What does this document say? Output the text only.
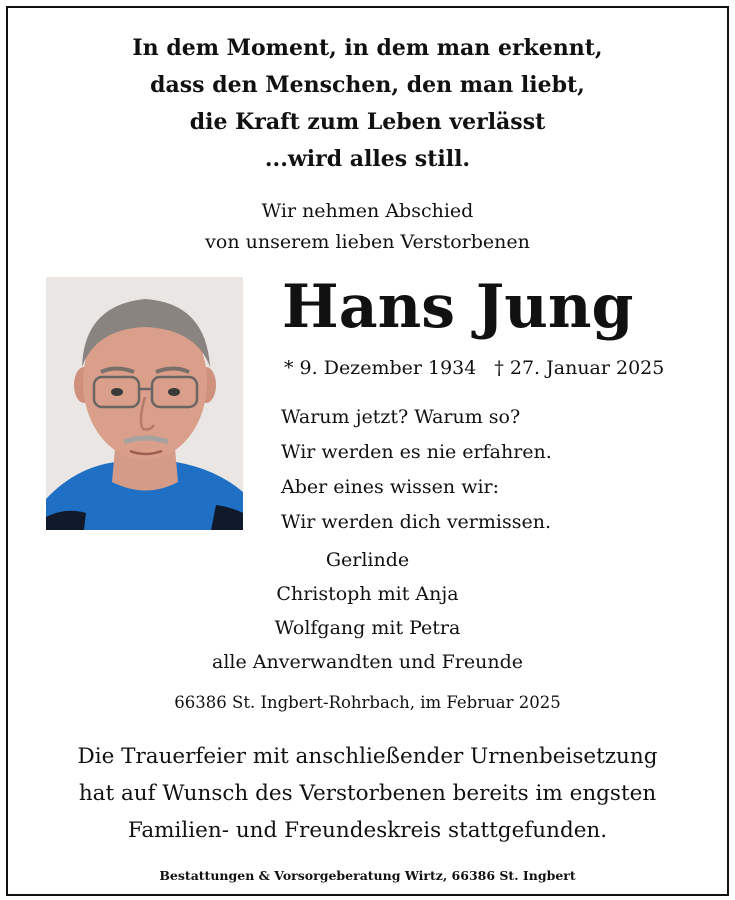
In dem Moment, in dem man erkennt,
dass den Menschen, den man liebt,
die Kraft zum Leben verlässt
...wird alles still.
Wir nehmen Abschied
von unserem lieben Verstorbenen
Hans Jung
* 9. Dezember 1934 † 27. Januar 2025
Warum jetzt? Warum so?
Wir werden es nie erfahren.
Aber eines wissen wir:
Wir werden dich vermissen.
Gerlinde
Christoph mit Anja
Wolfgang mit Petra
alle Anverwandten und Freunde
66386 St. Ingbert-Rohrbach, im Februar 2025
Die Trauerfeier mit anschließender Urnenbeisetzung
hat auf Wunsch des Verstorbenen bereits im engsten
Familien- und Freundeskreis stattgefunden.
Bestattungen & Vorsorgeberatung Wirtz, 66386 St. Ingbert
